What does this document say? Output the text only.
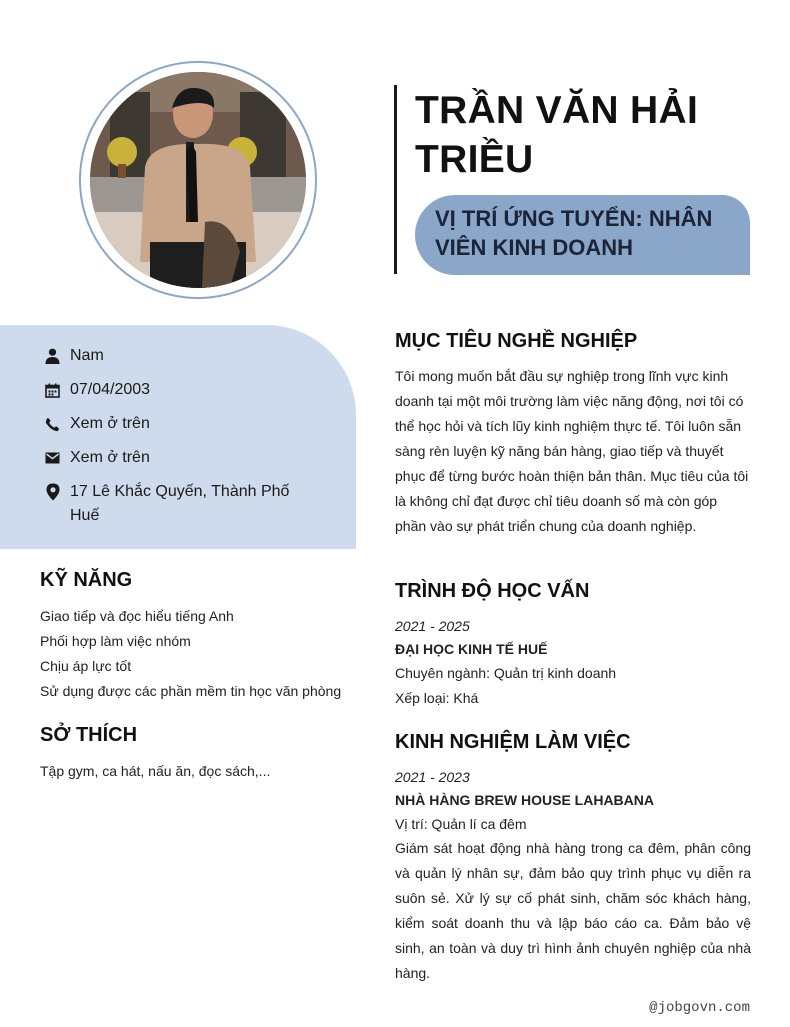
TRẦN VĂN HẢI TRIỀU
VỊ TRÍ ỨNG TUYỂN: NHÂN VIÊN KINH DOANH
Nam
07/04/2003
Xem ở trên
Xem ở trên
17 Lê Khắc Quyến, Thành Phố Huế
KỸ NĂNG
Giao tiếp và đọc hiểu tiếng Anh
Phối hợp làm việc nhóm
Chịu áp lực tốt
Sử dụng được các phần mềm tin học văn phòng
SỞ THÍCH
Tập gym, ca hát, nấu ăn, đọc sách,...
MỤC TIÊU NGHỀ NGHIỆP
Tôi mong muốn bắt đầu sự nghiệp trong lĩnh vực kinh doanh tại một môi trường làm việc năng động, nơi tôi có thể học hỏi và tích lũy kinh nghiệm thực tế. Tôi luôn sẵn sàng rèn luyện kỹ năng bán hàng, giao tiếp và thuyết phục để từng bước hoàn thiện bản thân. Mục tiêu của tôi là không chỉ đạt được chỉ tiêu doanh số mà còn góp phần vào sự phát triển chung của doanh nghiệp.
TRÌNH ĐỘ HỌC VẤN
2021 - 2025
ĐẠI HỌC KINH TẾ HUẾ
Chuyên ngành: Quản trị kinh doanh
Xếp loại: Khá
KINH NGHIỆM LÀM VIỆC
2021 - 2023
NHÀ HÀNG BREW HOUSE LAHABANA
Vị trí: Quản lí ca đêm
Giám sát hoạt động nhà hàng trong ca đêm, phân công và quản lý nhân sự, đảm bảo quy trình phục vụ diễn ra suôn sẻ. Xử lý sự cố phát sinh, chăm sóc khách hàng, kiểm soát doanh thu và lập báo cáo ca. Đảm bảo vệ sinh, an toàn và duy trì hình ảnh chuyên nghiệp của nhà hàng.
@jobgovn.com
